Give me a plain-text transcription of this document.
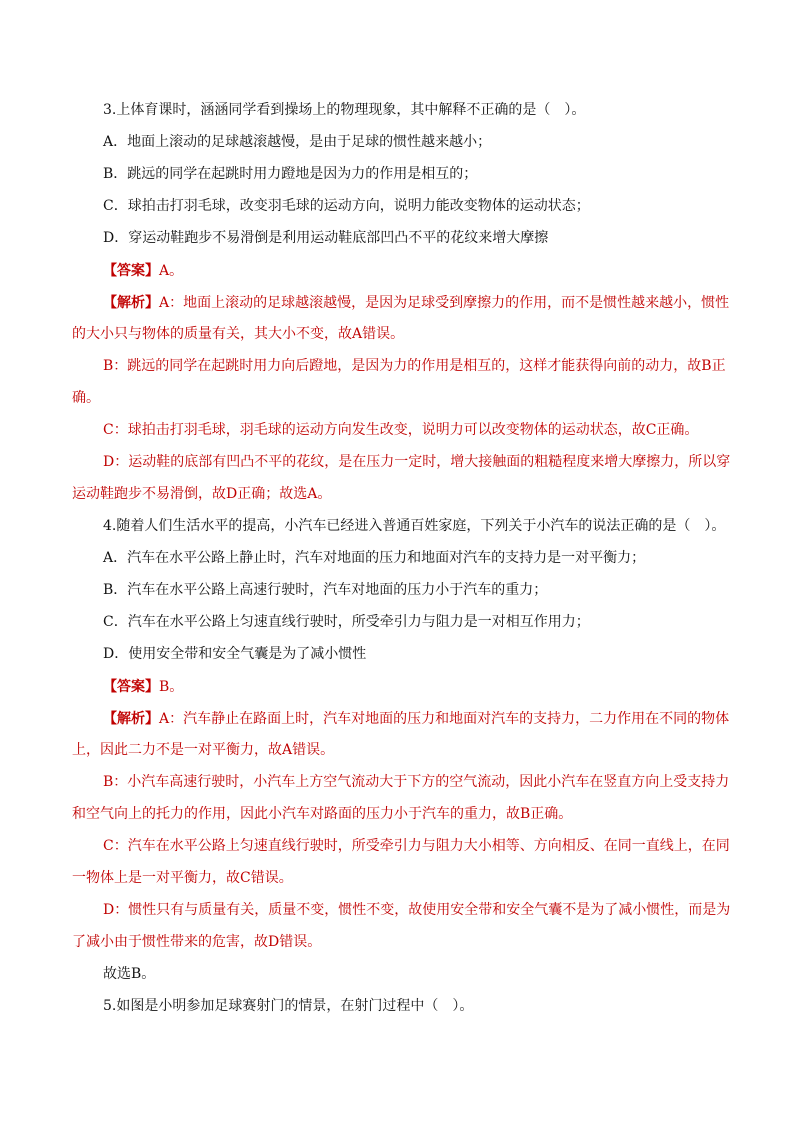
3.上体育课时，涵涵同学看到操场上的物理现象，其中解释不正确的是（　）。
A．地面上滚动的足球越滚越慢，是由于足球的惯性越来越小；
B．跳远的同学在起跳时用力蹬地是因为力的作用是相互的；
C．球拍击打羽毛球，改变羽毛球的运动方向，说明力能改变物体的运动状态；
D．穿运动鞋跑步不易滑倒是利用运动鞋底部凹凸不平的花纹来增大摩擦
【答案】A。
【解析】A：地面上滚动的足球越滚越慢，是因为足球受到摩擦力的作用，而不是惯性越来越小，惯性
的大小只与物体的质量有关，其大小不变，故A错误。
B：跳远的同学在起跳时用力向后蹬地，是因为力的作用是相互的，这样才能获得向前的动力，故B正
确。
C：球拍击打羽毛球，羽毛球的运动方向发生改变，说明力可以改变物体的运动状态，故C正确。
D：运动鞋的底部有凹凸不平的花纹，是在压力一定时，增大接触面的粗糙程度来增大摩擦力，所以穿
运动鞋跑步不易滑倒，故D正确；故选A。
4.随着人们生活水平的提高，小汽车已经进入普通百姓家庭，下列关于小汽车的说法正确的是（　）。
A．汽车在水平公路上静止时，汽车对地面的压力和地面对汽车的支持力是一对平衡力；
B．汽车在水平公路上高速行驶时，汽车对地面的压力小于汽车的重力；
C．汽车在水平公路上匀速直线行驶时，所受牵引力与阻力是一对相互作用力；
D．使用安全带和安全气囊是为了减小惯性
【答案】B。
【解析】A：汽车静止在路面上时，汽车对地面的压力和地面对汽车的支持力，二力作用在不同的物体
上，因此二力不是一对平衡力，故A错误。
B：小汽车高速行驶时，小汽车上方空气流动大于下方的空气流动，因此小汽车在竖直方向上受支持力
和空气向上的托力的作用，因此小汽车对路面的压力小于汽车的重力，故B正确。
C：汽车在水平公路上匀速直线行驶时，所受牵引力与阻力大小相等、方向相反、在同一直线上，在同
一物体上是一对平衡力，故C错误。
D：惯性只有与质量有关，质量不变，惯性不变，故使用安全带和安全气囊不是为了减小惯性，而是为
了减小由于惯性带来的危害，故D错误。
故选B。
5.如图是小明参加足球赛射门的情景，在射门过程中（　）。
